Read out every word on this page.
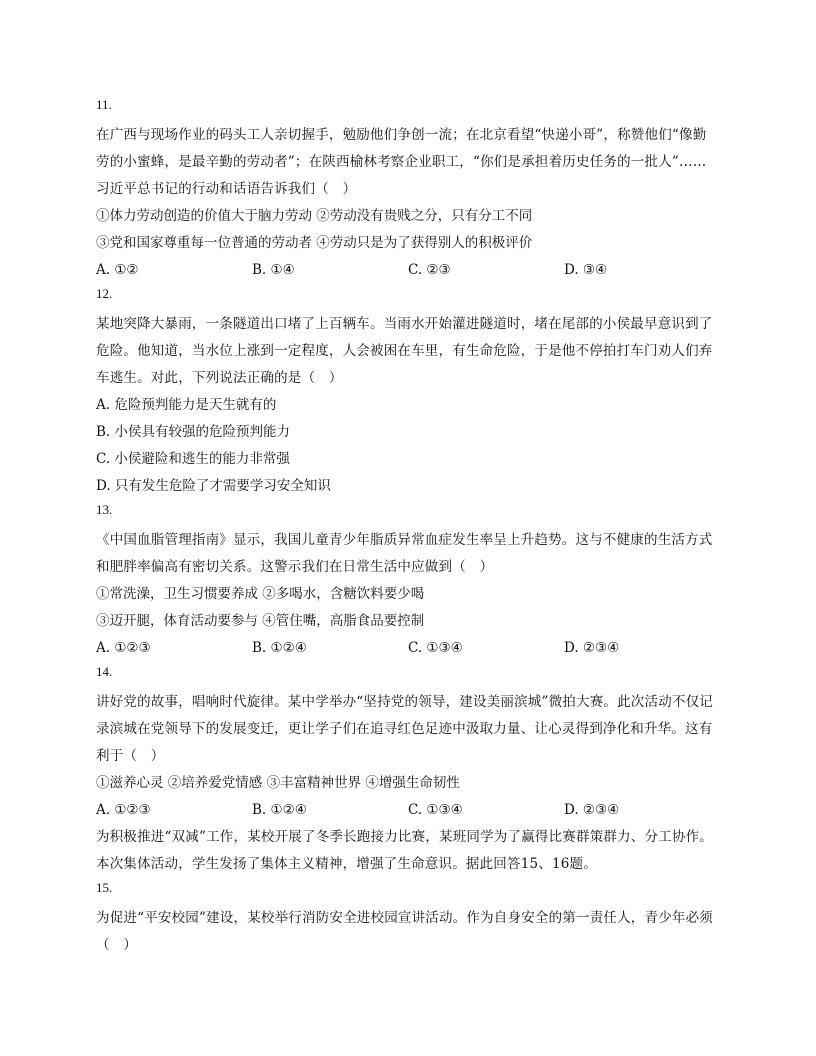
11.
在广西与现场作业的码头工人亲切握手，勉励他们争创一流；在北京看望“快递小哥”，称赞他们“像勤劳的小蜜蜂，是最辛勤的劳动者”；在陕西榆林考察企业职工，“你们是承担着历史任务的一批人”……习近平总书记的行动和话语告诉我们（　）
①体力劳动创造的价值大于脑力劳动 ②劳动没有贵贱之分，只有分工不同
③党和国家尊重每一位普通的劳动者 ④劳动只是为了获得别人的积极评价
A. ①②	B. ①④	C. ②③	D. ③④
12.
某地突降大暴雨，一条隧道出口堵了上百辆车。当雨水开始灌进隧道时，堵在尾部的小侯最早意识到了危险。他知道，当水位上涨到一定程度，人会被困在车里，有生命危险，于是他不停拍打车门劝人们弃车逃生。对此，下列说法正确的是（　）
A. 危险预判能力是天生就有的
B. 小侯具有较强的危险预判能力
C. 小侯避险和逃生的能力非常强
D. 只有发生危险了才需要学习安全知识
13.
《中国血脂管理指南》显示，我国儿童青少年脂质异常血症发生率呈上升趋势。这与不健康的生活方式和肥胖率偏高有密切关系。这警示我们在日常生活中应做到（　）
①常洗澡，卫生习惯要养成 ②多喝水，含糖饮料要少喝
③迈开腿，体育活动要参与 ④管住嘴，高脂食品要控制
A. ①②③	B. ①②④	C. ①③④	D. ②③④
14.
讲好党的故事，唱响时代旋律。某中学举办“坚持党的领导，建设美丽滨城”微拍大赛。此次活动不仅记录滨城在党领导下的发展变迁，更让学子们在追寻红色足迹中汲取力量、让心灵得到净化和升华。这有利于（　）
①滋养心灵 ②培养爱党情感 ③丰富精神世界 ④增强生命韧性
A. ①②③	B. ①②④	C. ①③④	D. ②③④
为积极推进“双减”工作，某校开展了冬季长跑接力比赛，某班同学为了赢得比赛群策群力、分工协作。本次集体活动，学生发扬了集体主义精神，增强了生命意识。据此回答15、16题。
15.
为促进“平安校园”建设，某校举行消防安全进校园宣讲活动。作为自身安全的第一责任人，青少年必须（　）
